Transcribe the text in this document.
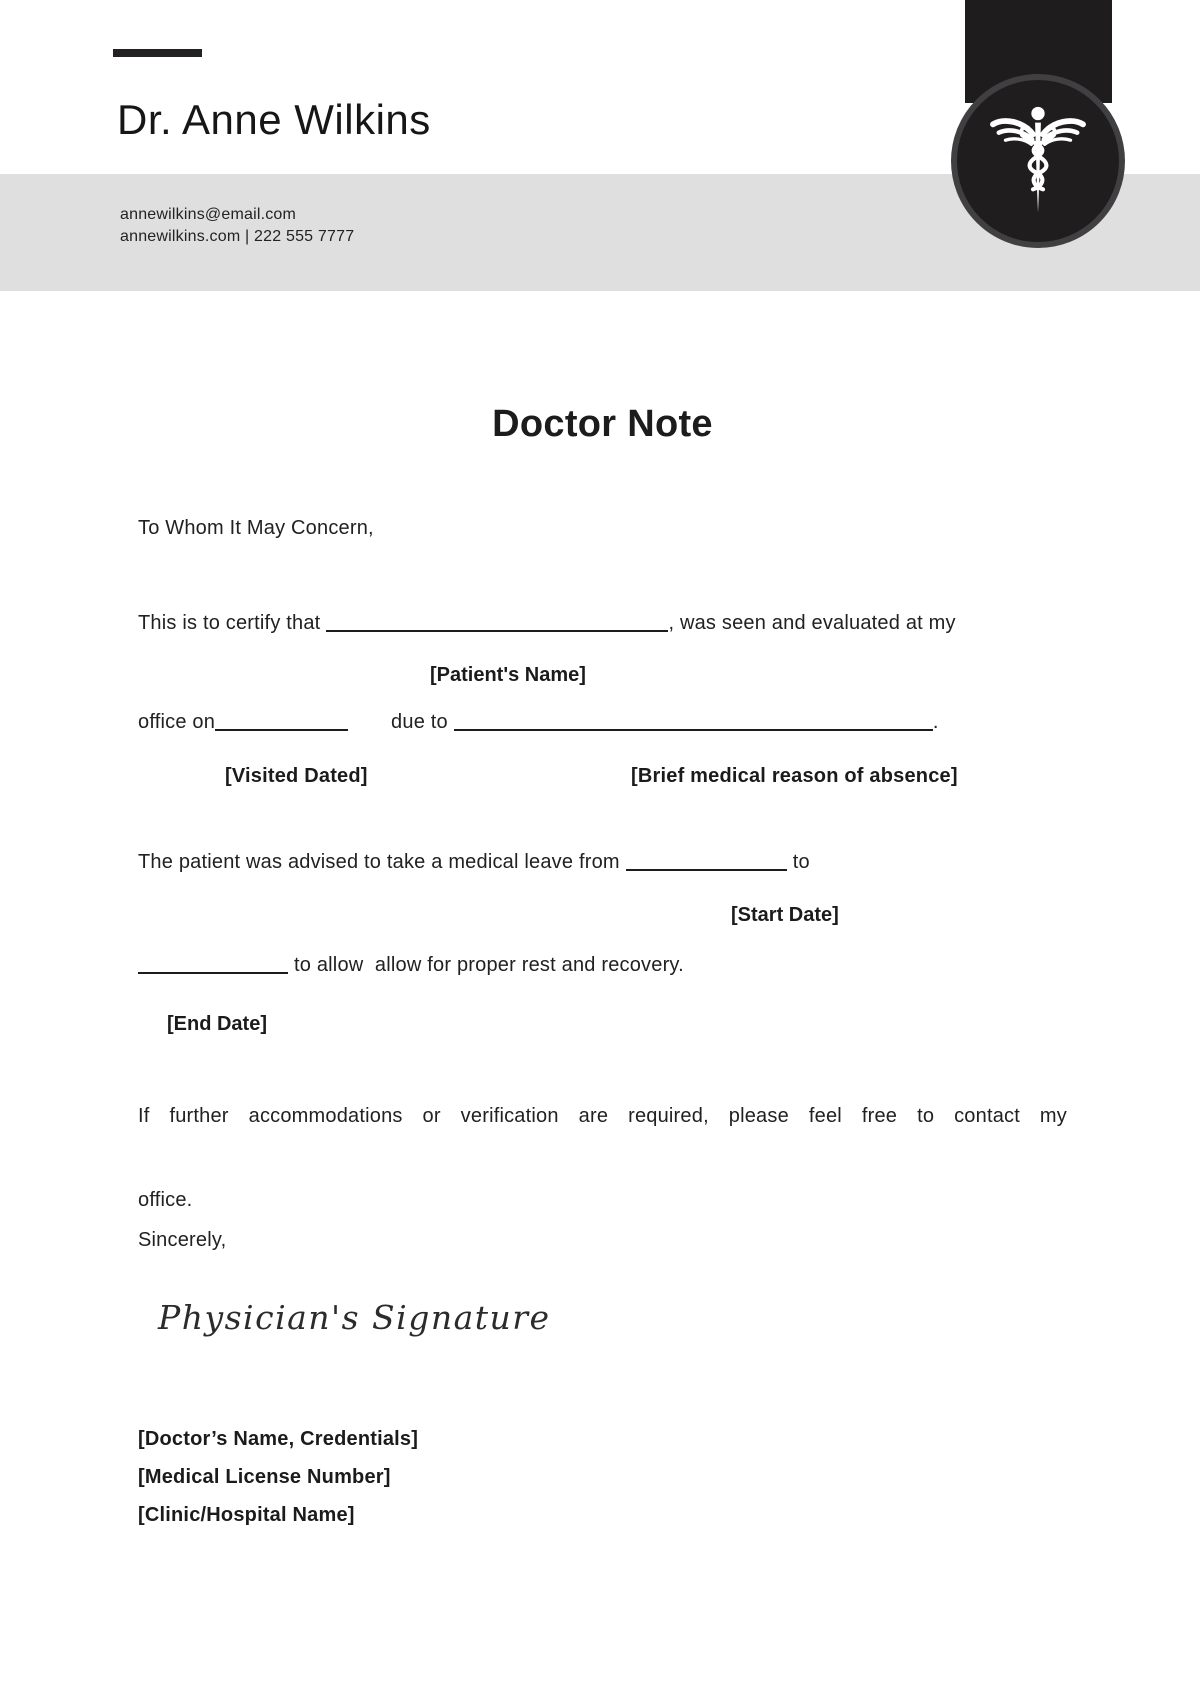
Dr. Anne Wilkins
annewilkins@email.com
annewilkins.com | 222 555 7777
Doctor Note
To Whom It May Concern,
This is to certify that	, was seen and evaluated at my
[Patient's Name]
office on	due to	.
[Visited Dated]	[Brief medical reason of absence]
The patient was advised to take a medical leave from	to
[Start Date]
to allow  allow for proper rest and recovery.
[End Date]
If further accommodations or verification are required, please feel free to contact my
office.
Sincerely,
Physician's Signature
[Doctor’s Name, Credentials]
[Medical License Number]
[Clinic/Hospital Name]
